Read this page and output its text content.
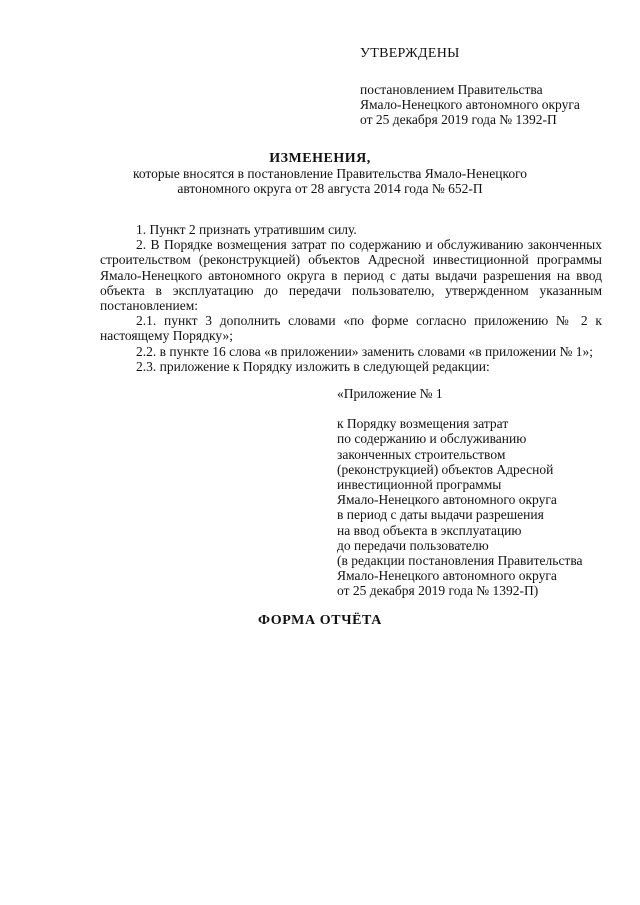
УТВЕРЖДЕНЫ
постановлением Правительства
Ямало-Ненецкого автономного округа
от 25 декабря 2019 года № 1392-П
ИЗМЕНЕНИЯ,
которые вносятся в постановление Правительства Ямало-Ненецкого
автономного округа от 28 августа 2014 года № 652-П

1. Пункт 2 признать утратившим силу.

2. В Порядке возмещения затрат по содержанию и обслуживанию законченных строительством (реконструкцией) объектов Адресной инвестиционной программы Ямало-Ненецкого автономного округа в период с даты выдачи разрешения на ввод объекта в эксплуатацию до передачи пользователю, утвержденном указанным постановлением:

2.1. пункт 3 дополнить словами «по форме согласно приложению № 2 к настоящему Порядку»;

2.2. в пункте 16 слова «в приложении» заменить словами «в приложении № 1»;

2.3. приложение к Порядку изложить в следующей редакции:

«Приложение № 1
к Порядку возмещения затрат
по содержанию и обслуживанию
законченных строительством
(реконструкцией) объектов Адресной
инвестиционной программы
Ямало-Ненецкого автономного округа
в период с даты выдачи разрешения
на ввод объекта в эксплуатацию
до передачи пользователю
(в редакции постановления Правительства
Ямало-Ненецкого автономного округа
от 25 декабря 2019 года № 1392-П)
ФОРМА ОТЧЁТА
